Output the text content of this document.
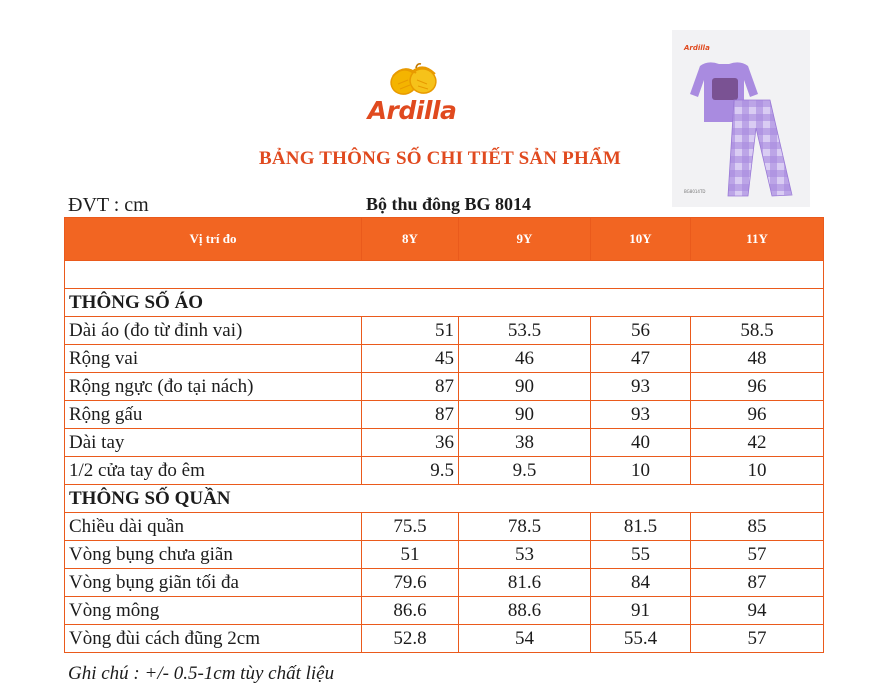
Ardilla
BẢNG THÔNG SỐ CHI TIẾT SẢN PHẨM
ĐVT : cm	Bộ thu đông BG 8014
Ardilla
BG8014TD
Vị trí đo	8Y	9Y	10Y	11Y

THÔNG SỐ ÁO				
Dài áo (đo từ đỉnh vai)	51	53.5	56	58.5
Rộng vai	45	46	47	48
Rộng ngực (đo tại nách)	87	90	93	96
Rộng gấu	87	90	93	96
Dài tay	36	38	40	42
1/2 cửa tay đo êm	9.5	9.5	10	10
THÔNG SỐ QUẦN				
Chiều dài quần	75.5	78.5	81.5	85
Vòng bụng chưa giãn	51	53	55	57
Vòng bụng giãn tối đa	79.6	81.6	84	87
Vòng mông	86.6	88.6	91	94
Vòng đùi cách đũng 2cm	52.8	54	55.4	57
Ghi chú : +/- 0.5-1cm tùy chất liệu
